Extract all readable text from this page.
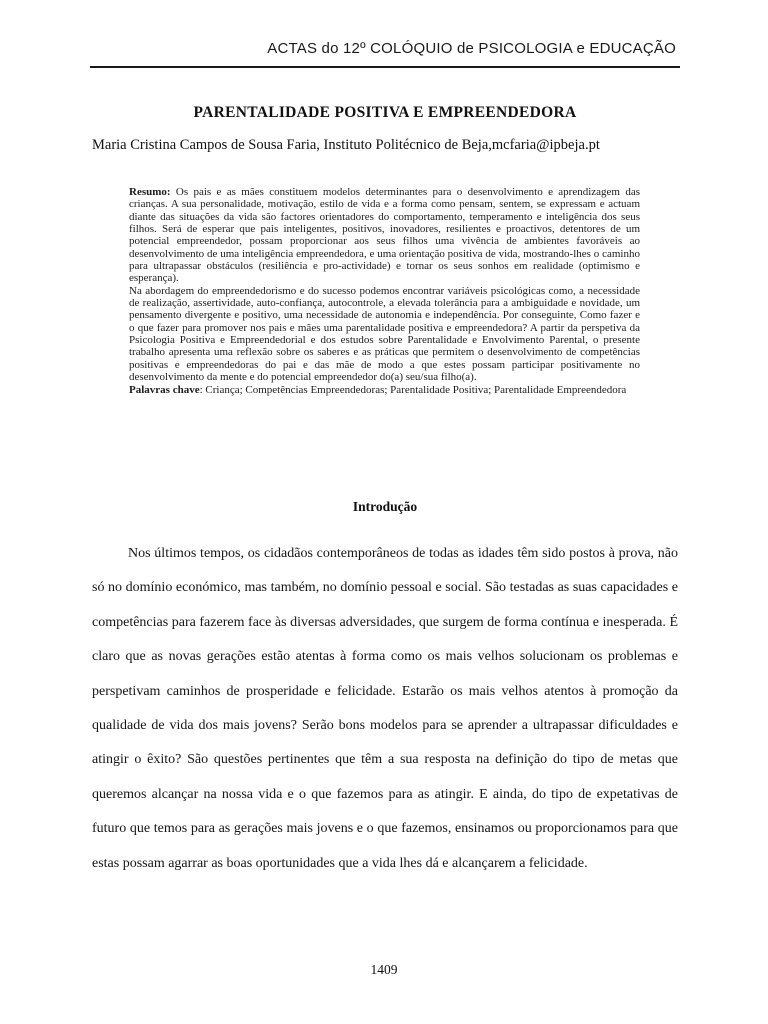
ACTAS do 12º COLÓQUIO de PSICOLOGIA e EDUCAÇÃO
PARENTALIDADE POSITIVA E EMPREENDEDORA
Maria Cristina Campos de Sousa Faria, Instituto Politécnico de Beja,mcfaria@ipbeja.pt

Resumo: Os pais e as mães constituem modelos determinantes para o desenvolvimento e aprendizagem das crianças. A sua personalidade, motivação, estilo de vida e a forma como pensam, sentem, se expressam e actuam diante das situações da vida são factores orientadores do comportamento, temperamento e inteligência dos seus filhos. Será de esperar que pais inteligentes, positivos, inovadores, resilientes e proactivos, detentores de um potencial empreendedor, possam proporcionar aos seus filhos uma vivência de ambientes favoráveis ao desenvolvimento de uma inteligência empreendedora, e uma orientação positiva de vida, mostrando-lhes o caminho para ultrapassar obstáculos (resiliência e pro-actividade) e tornar os seus sonhos em realidade (optimismo e esperança).

Na abordagem do empreendedorismo e do sucesso podemos encontrar variáveis psicológicas como, a necessidade de realização, assertividade, auto-confiança, autocontrole, a elevada tolerância para a ambiguidade e novidade, um pensamento divergente e positivo, uma necessidade de autonomia e independência. Por conseguinte, Como fazer e o que fazer para promover nos pais e mães uma parentalidade positiva e empreendedora? A partir da perspetiva da Psicologia Positiva e Empreendedorial e dos estudos sobre Parentalidade e Envolvimento Parental, o presente trabalho apresenta uma reflexão sobre os saberes e as práticas que permitem o desenvolvimento de competências positivas e empreendedoras do pai e das mãe de modo a que estes possam participar positivamente no desenvolvimento da mente e do potencial empreendedor do(a) seu/sua filho(a).

Palavras chave: Criança; Competências Empreendedoras; Parentalidade Positiva; Parentalidade Empreendedora

Introdução

Nos últimos tempos, os cidadãos contemporâneos de todas as idades têm sido postos à prova, não só no domínio económico, mas também, no domínio pessoal e social. São testadas as suas capacidades e competências para fazerem face às diversas adversidades, que surgem de forma contínua e inesperada. É claro que as novas gerações estão atentas à forma como os mais velhos solucionam os problemas e perspetivam caminhos de prosperidade e felicidade. Estarão os mais velhos atentos à promoção da qualidade de vida dos mais jovens? Serão bons modelos para se aprender a ultrapassar dificuldades e atingir o êxito? São questões pertinentes que têm a sua resposta na definição do tipo de metas que queremos alcançar na nossa vida e o que fazemos para as atingir. E ainda, do tipo de expetativas de futuro que temos para as gerações mais jovens e o que fazemos, ensinamos ou proporcionamos para que estas possam agarrar as boas oportunidades que a vida lhes dá e alcançarem a felicidade.

1409
